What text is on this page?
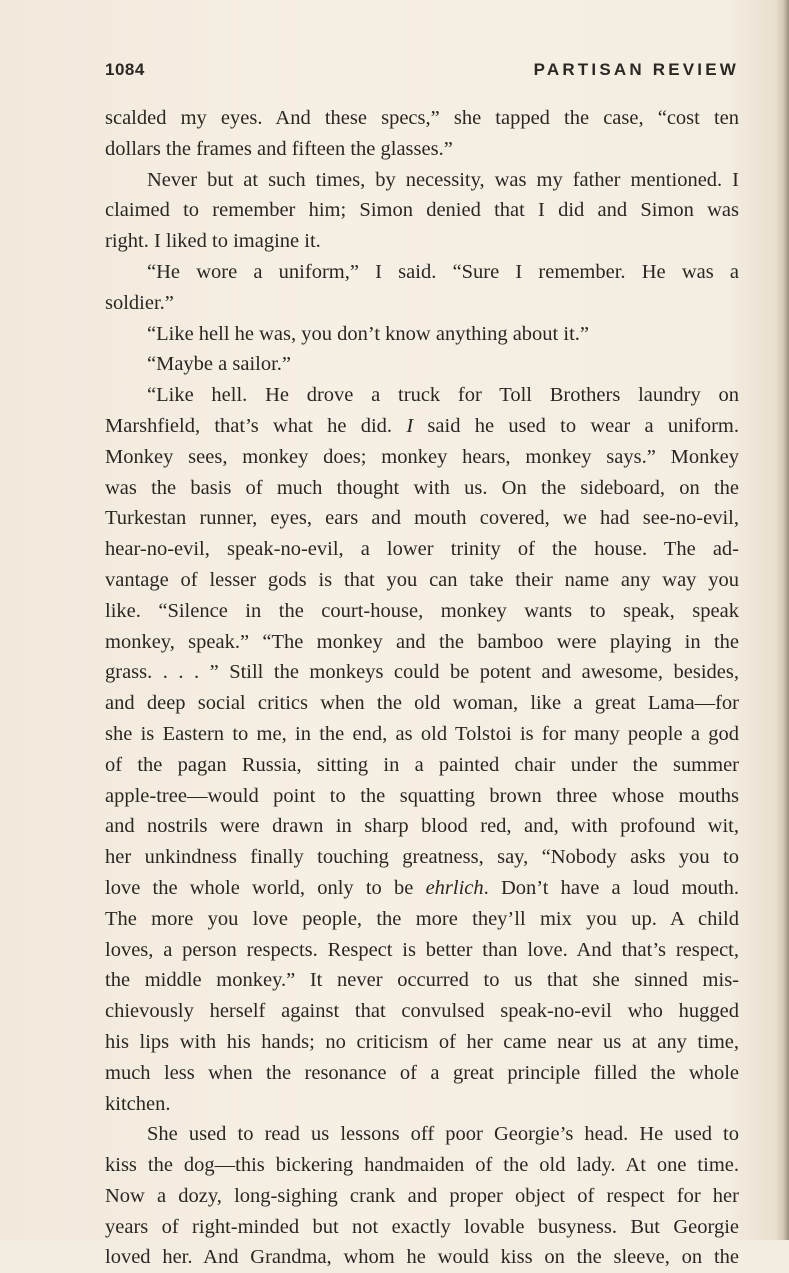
1084	PARTISAN REVIEW
scalded my eyes. And these specs,” she tapped the case, “cost ten
dollars the frames and fifteen the glasses.”
Never but at such times, by necessity, was my father mentioned. I
claimed to remember him; Simon denied that I did and Simon was
right. I liked to imagine it.
“He wore a uniform,” I said. “Sure I remember. He was a
soldier.”
“Like hell he was, you don’t know anything about it.”
“Maybe a sailor.”
“Like hell. He drove a truck for Toll Brothers laundry on
Marshfield, that’s what he did. I said he used to wear a uniform.
Monkey sees, monkey does; monkey hears, monkey says.” Monkey
was the basis of much thought with us. On the sideboard, on the
Turkestan runner, eyes, ears and mouth covered, we had see-no-evil,
hear-no-evil, speak-no-evil, a lower trinity of the house. The ad-
vantage of lesser gods is that you can take their name any way you
like. “Silence in the court-house, monkey wants to speak, speak
monkey, speak.” “The monkey and the bamboo were playing in the
grass. . . . ” Still the monkeys could be potent and awesome, besides,
and deep social critics when the old woman, like a great Lama—for
she is Eastern to me, in the end, as old Tolstoi is for many people a god
of the pagan Russia, sitting in a painted chair under the summer
apple-tree—would point to the squatting brown three whose mouths
and nostrils were drawn in sharp blood red, and, with profound wit,
her unkindness finally touching greatness, say, “Nobody asks you to
love the whole world, only to be ehrlich. Don’t have a loud mouth.
The more you love people, the more they’ll mix you up. A child
loves, a person respects. Respect is better than love. And that’s respect,
the middle monkey.” It never occurred to us that she sinned mis-
chievously herself against that convulsed speak-no-evil who hugged
his lips with his hands; no criticism of her came near us at any time,
much less when the resonance of a great principle filled the whole
kitchen.
She used to read us lessons off poor Georgie’s head. He used to
kiss the dog—this bickering handmaiden of the old lady. At one time.
Now a dozy, long-sighing crank and proper object of respect for her
years of right-minded but not exactly lovable busyness. But Georgie
loved her. And Grandma, whom he would kiss on the sleeve, on the
